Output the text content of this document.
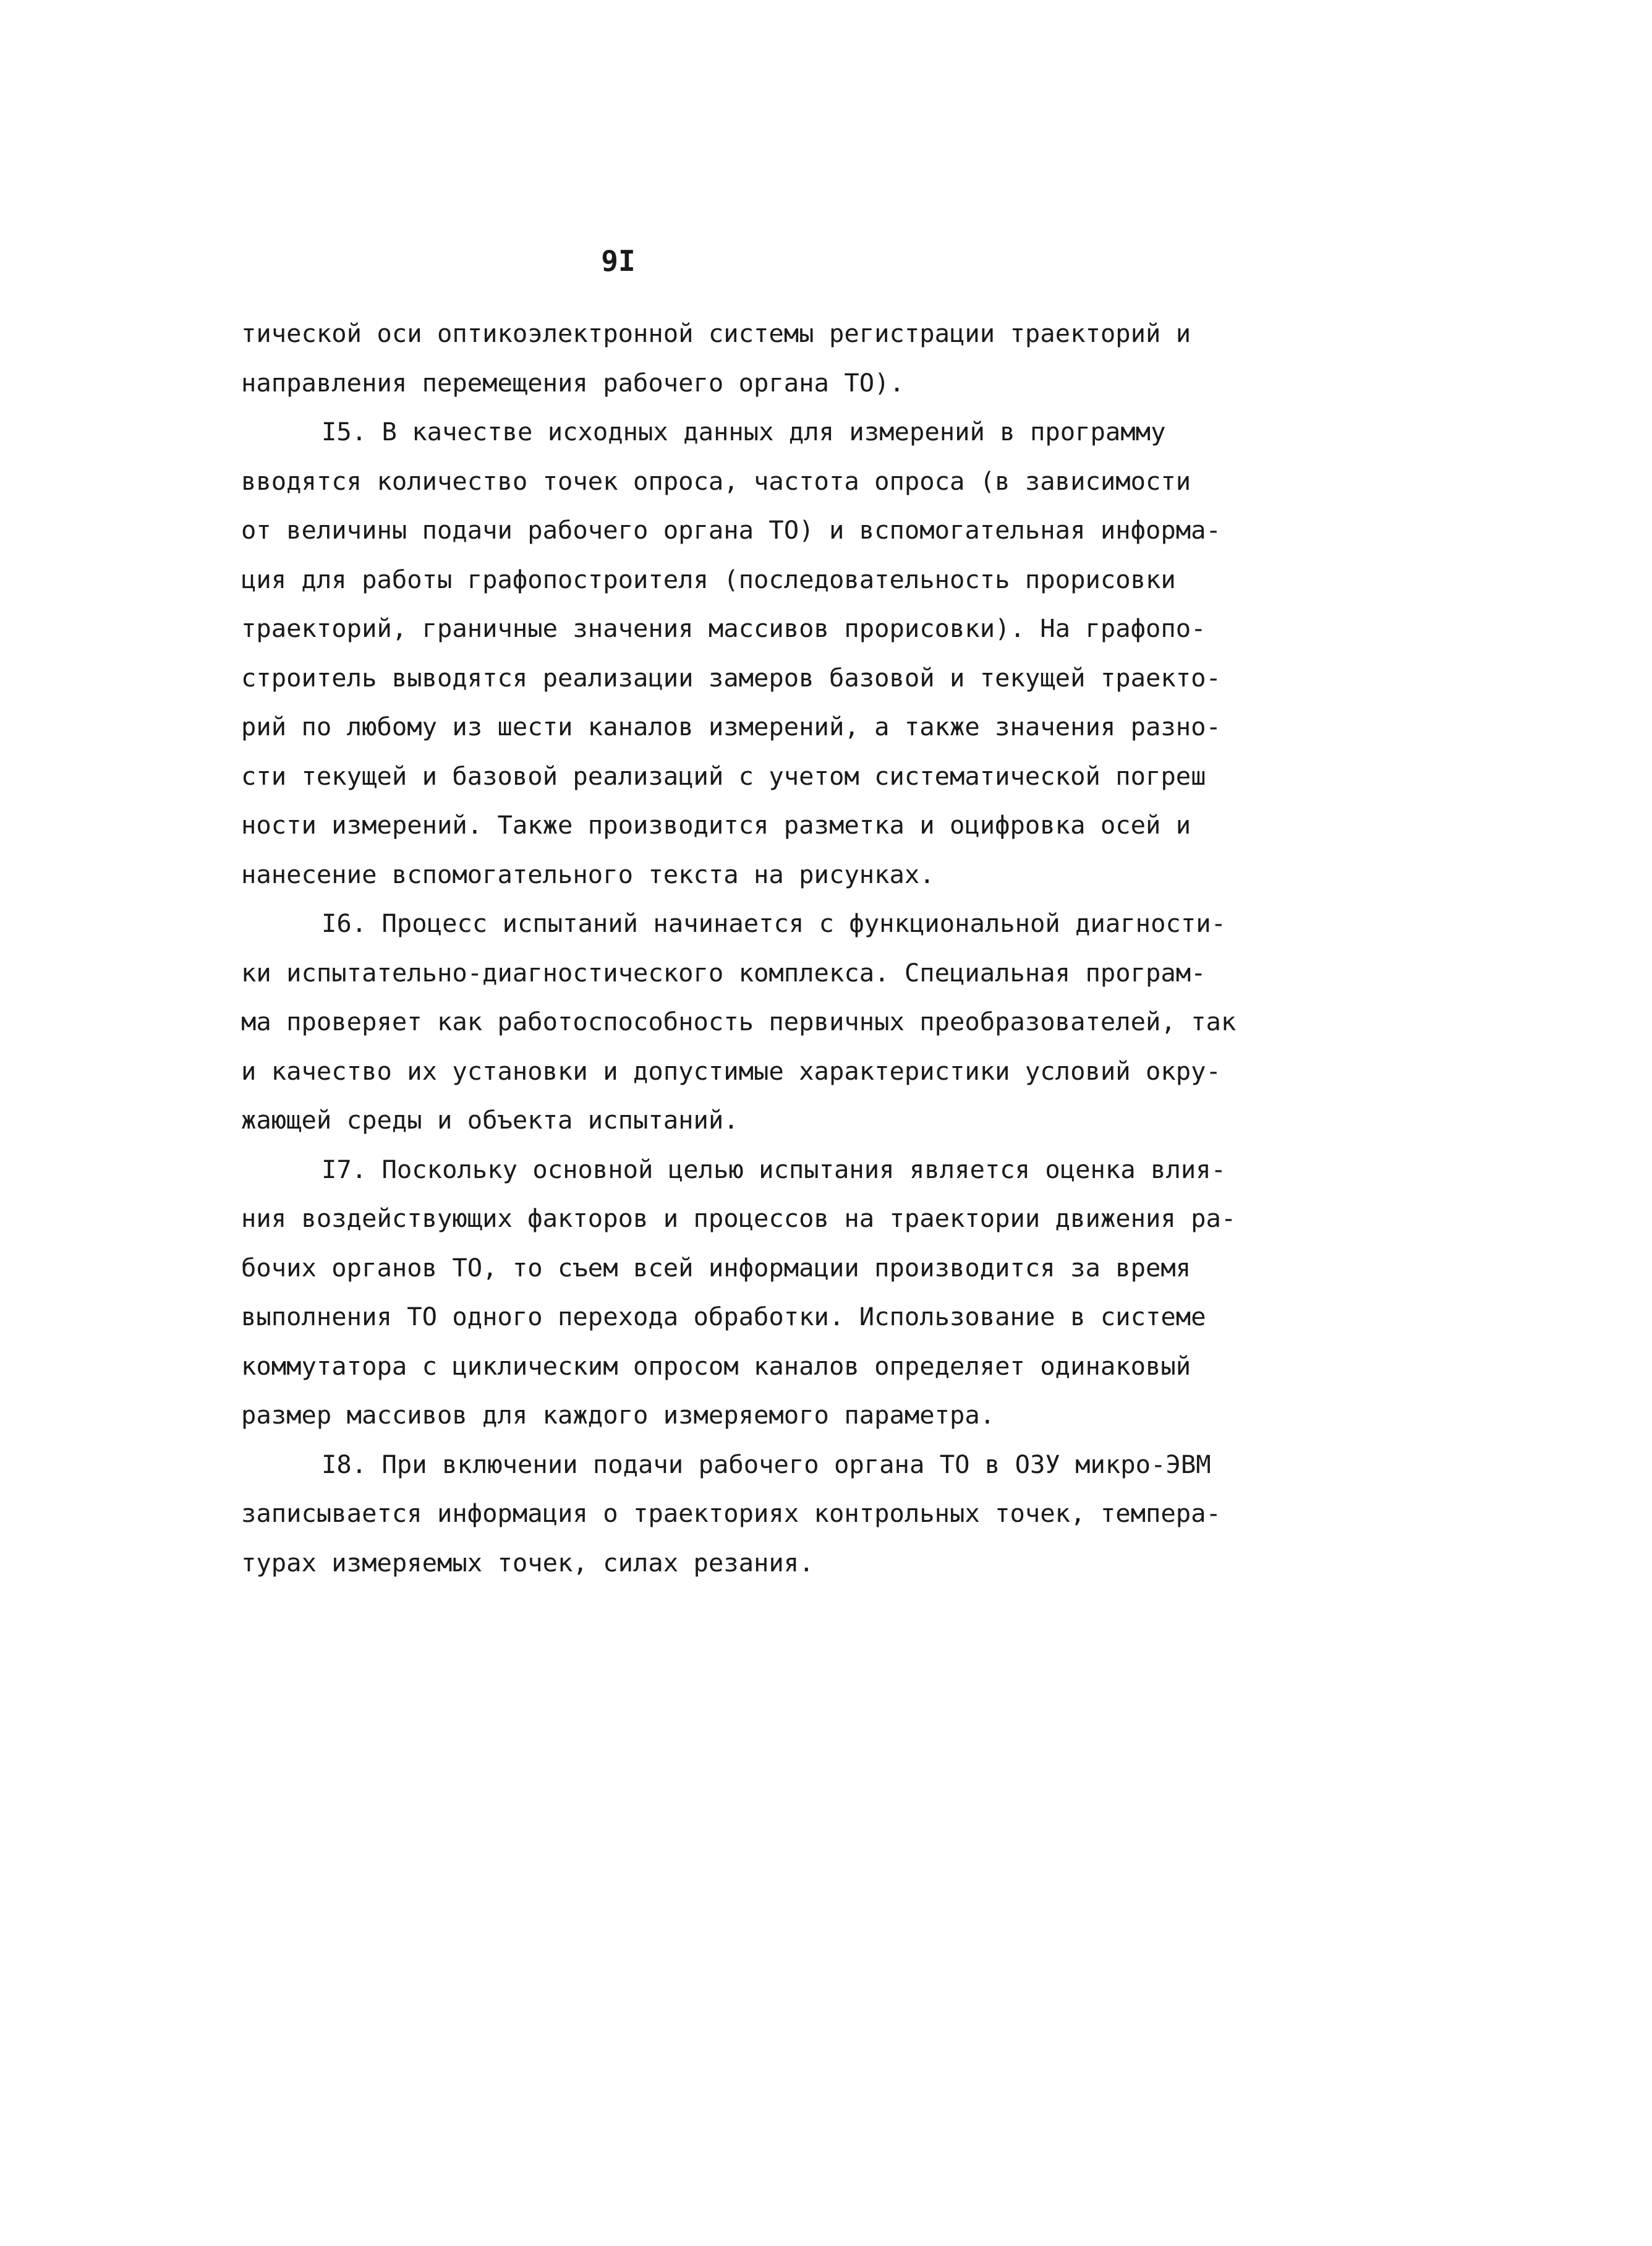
9I
тической оси оптикоэлектронной системы регистрации траекторий и
направления перемещения рабочего органа ТО).
I5. В качестве исходных данных для измерений в программу
вводятся количество точек опроса, частота опроса (в зависимости
от величины подачи рабочего органа ТО) и вспомогательная информа-
ция для работы графопостроителя (последовательность прорисовки
траекторий, граничные значения массивов прорисовки). На графопо-
строитель выводятся реализации замеров базовой и текущей траекто-
рий по любому из шести каналов измерений, а также значения разно-
сти текущей и базовой реализаций с учетом систематической погреш
ности измерений. Также производится разметка и оцифровка осей и
нанесение вспомогательного текста на рисунках.
I6. Процесс испытаний начинается с функциональной диагности-
ки испытательно-диагностического комплекса. Специальная програм-
ма проверяет как работоспособность первичных преобразователей, так
и качество их установки и допустимые характеристики условий окру-
жающей среды и объекта испытаний.
I7. Поскольку основной целью испытания является оценка влия-
ния воздействующих факторов и процессов на траектории движения ра-
бочих органов ТО, то съем всей информации производится за время
выполнения ТО одного перехода обработки. Использование в системе
коммутатора с циклическим опросом каналов определяет одинаковый
размер массивов для каждого измеряемого параметра.
I8. При включении подачи рабочего органа ТО в ОЗУ микро-ЭВМ
записывается информация о траекториях контрольных точек, темпера-
турах измеряемых точек, силах резания.
